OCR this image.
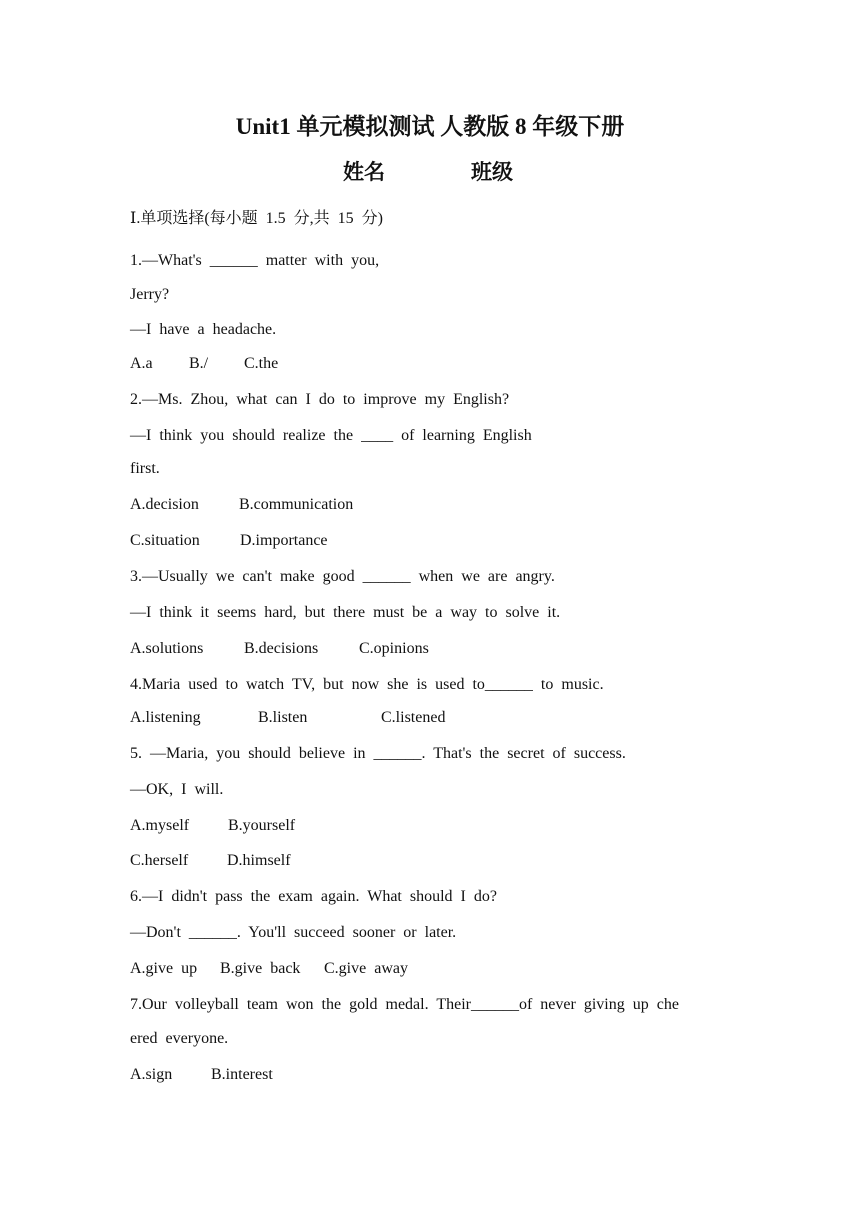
Unit1 单元模拟测试 人教版 8 年级下册
姓名	班级
Ⅰ.单项选择(每小题 1.5 分,共 15 分)
1.—What's ______ matter with you,
Jerry?
—I have a headache.
A.a B./ C.the
2.—Ms. Zhou, what can I do to improve my English?
—I think you should realize the ____ of learning English
first.
A.decision	B.communication
C.situation	D.importance
3.—Usually we can't make good ______ when we are angry.
—I think it seems hard, but there must be a way to solve it.
A.solutions	B.decisions	C.opinions
4.Maria used to watch TV, but now she is used to______ to music.
A.listening	B.listen	C.listened
5. —Maria, you should believe in ______. That's the secret of success.
—OK, I will.
A.myself B.yourself
C.herself D.himself
6.—I didn't pass the exam again. What should I do?
—Don't ______. You'll succeed sooner or later.
A.give up B.give back C.give away
7.Our volleyball team won the gold medal. Their______of never giving up che
ered everyone.
A.sign B.interest
